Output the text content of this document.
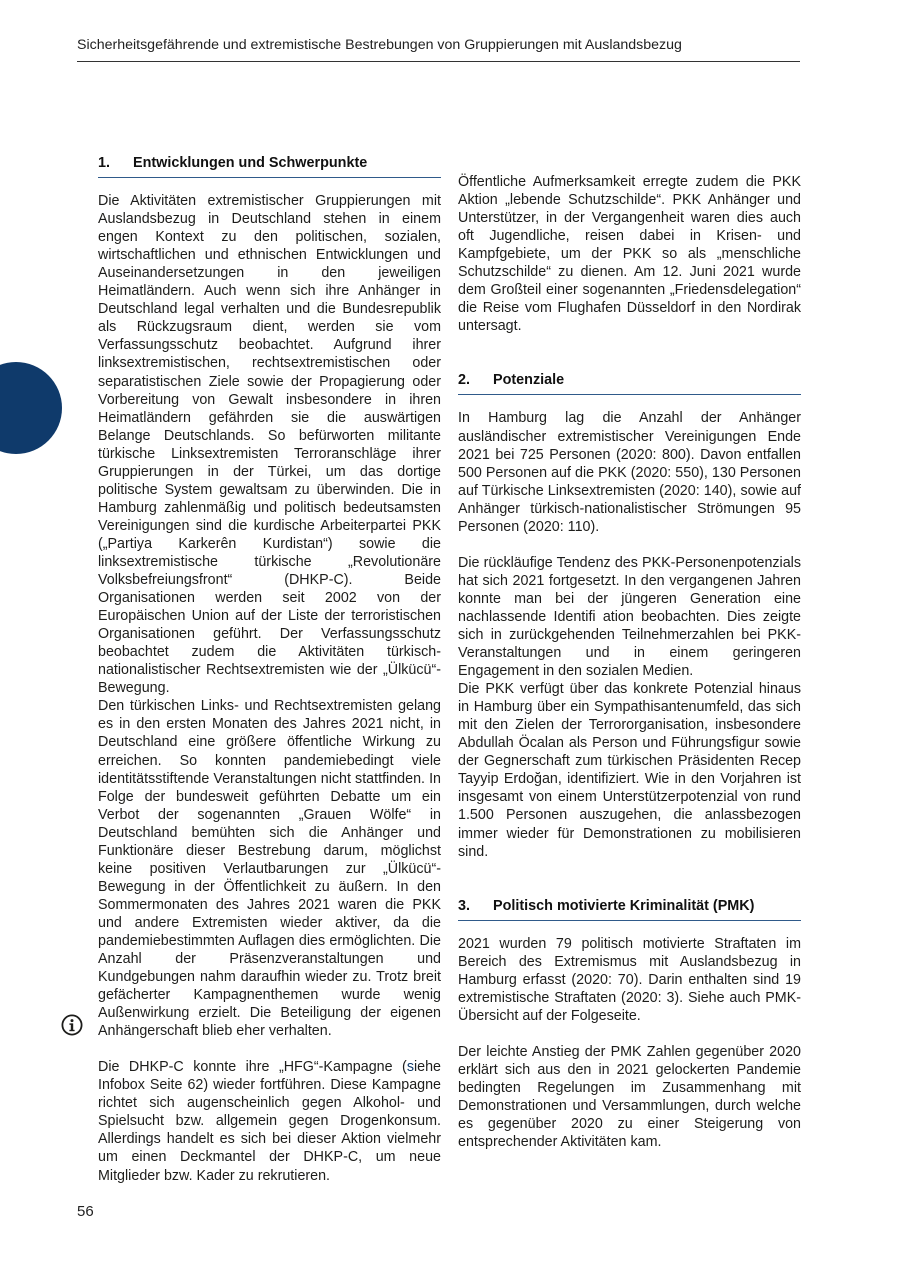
Sicherheitsgefährende und extremistische Bestrebungen von Gruppierungen mit Auslandsbezug
1.	Entwicklungen und Schwerpunkte

Die Aktivitäten extremistischer Gruppierungen mit Auslandsbezug in Deutschland stehen in einem engen Kontext zu den politischen, sozialen, wirtschaftlichen und ethnischen Entwicklungen und Auseinandersetzungen in den jeweiligen Heimatländern. Auch wenn sich ihre Anhänger in Deutschland legal verhalten und die Bundesrepublik als Rückzugsraum dient, werden sie vom Verfassungsschutz beobachtet. Aufgrund ihrer linksextremistischen, rechtsextremistischen oder separatistischen Ziele sowie der Propagierung oder Vorbereitung von Gewalt insbesondere in ihren Heimatländern gefährden sie die auswärtigen Belange Deutschlands. So befürworten militante türkische Linksextremisten Terroranschläge ihrer Gruppierungen in der Türkei, um das dortige politische System gewaltsam zu überwinden. Die in Hamburg zahlenmäßig und politisch bedeutsamsten Vereinigungen sind die kurdische Arbeiterpartei PKK („Partiya Karkerên Kurdistan“) sowie die linksextremistische türkische „Revolutionäre Volksbefreiungsfront“ (DHKP-C). Beide Organisationen werden seit 2002 von der Europäischen Union auf der Liste der terroristischen Organisationen geführt. Der Verfassungsschutz beobachtet zudem die Aktivitäten türkisch-nationalistischer Rechtsextremisten wie der „Ülkücü“-Bewegung.

Den türkischen Links- und Rechtsextremisten gelang es in den ersten Monaten des Jahres 2021 nicht, in Deutschland eine größere öffentliche Wirkung zu erreichen. So konnten pandemiebedingt viele identitätsstiftende Veranstaltungen nicht stattfinden. In Folge der bundesweit geführten Debatte um ein Verbot der sogenannten „Grauen Wölfe“ in Deutschland bemühten sich die Anhänger und Funktionäre dieser Bestrebung darum, möglichst keine positiven Verlautbarungen zur „Ülkücü“-Bewegung in der Öffentlichkeit zu äußern. In den Sommermonaten des Jahres 2021 waren die PKK und andere Extremisten wieder aktiver, da die pandemiebestimmten Auflagen dies ermöglichten. Die Anzahl der Präsenzveranstaltungen und Kundgebungen nahm daraufhin wieder zu. Trotz breit gefächerter Kampagnenthemen wurde wenig Außenwirkung erzielt. Die Beteiligung der eigenen Anhängerschaft blieb eher verhalten.

Die DHKP-C konnte ihre „HFG“-Kampagne (siehe Infobox Seite 62) wieder fortführen. Diese Kampagne richtet sich augenscheinlich gegen Alkohol- und Spielsucht bzw. allgemein gegen Drogenkonsum. Allerdings handelt es sich bei dieser Aktion vielmehr um einen Deckmantel der DHKP-C, um neue Mitglieder bzw. Kader zu rekrutieren.

Öffentliche Aufmerksamkeit erregte zudem die PKK Aktion „lebende Schutzschilde“. PKK Anhänger und Unterstützer, in der Vergangenheit waren dies auch oft Jugendliche, reisen dabei in Krisen- und Kampfgebiete, um der PKK so als „menschliche Schutzschilde“ zu dienen. Am 12. Juni 2021 wurde dem Großteil einer sogenannten „Friedensdelegation“ die Reise vom Flughafen Düsseldorf in den Nordirak untersagt.

2.	Potenziale

In Hamburg lag die Anzahl der Anhänger ausländischer extremistischer Vereinigungen Ende 2021 bei 725 Personen (2020: 800). Davon entfallen 500 Personen auf die PKK (2020: 550), 130 Personen auf Türkische Linksextremisten (2020: 140), sowie auf Anhänger türkisch-nationalistischer Strömungen 95 Personen (2020: 110).

Die rückläufige Tendenz des PKK-Personenpotenzials hat sich 2021 fortgesetzt. In den vergangenen Jahren konnte man bei der jüngeren Generation eine nachlassende Identifi ation beobachten. Dies zeigte sich in zurückgehenden Teilnehmerzahlen bei PKK-Veranstaltungen und in einem geringeren Engagement in den sozialen Medien.

Die PKK verfügt über das konkrete Potenzial hinaus in Hamburg über ein Sympathisantenumfeld, das sich mit den Zielen der Terrororganisation, insbesondere Abdullah Öcalan als Person und Führungsfigur sowie der Gegnerschaft zum türkischen Präsidenten Recep Tayyip Erdoğan, identifiziert. Wie in den Vorjahren ist insgesamt von einem Unterstützerpotenzial von rund 1.500 Personen auszugehen, die anlassbezogen immer wieder für Demonstrationen zu mobilisieren sind.

3.	Politisch motivierte Kriminalität (PMK)

2021 wurden 79 politisch motivierte Straftaten im Bereich des Extremismus mit Auslandsbezug in Hamburg erfasst (2020: 70). Darin enthalten sind 19 extremistische Straftaten (2020: 3). Siehe auch PMK-Übersicht auf der Folgeseite.

Der leichte Anstieg der PMK Zahlen gegenüber 2020 erklärt sich aus den in 2021 gelockerten Pandemie bedingten Regelungen im Zusammenhang mit Demonstrationen und Versammlungen, durch welche es gegenüber 2020 zu einer Steigerung von entsprechender Aktivitäten kam.

56
